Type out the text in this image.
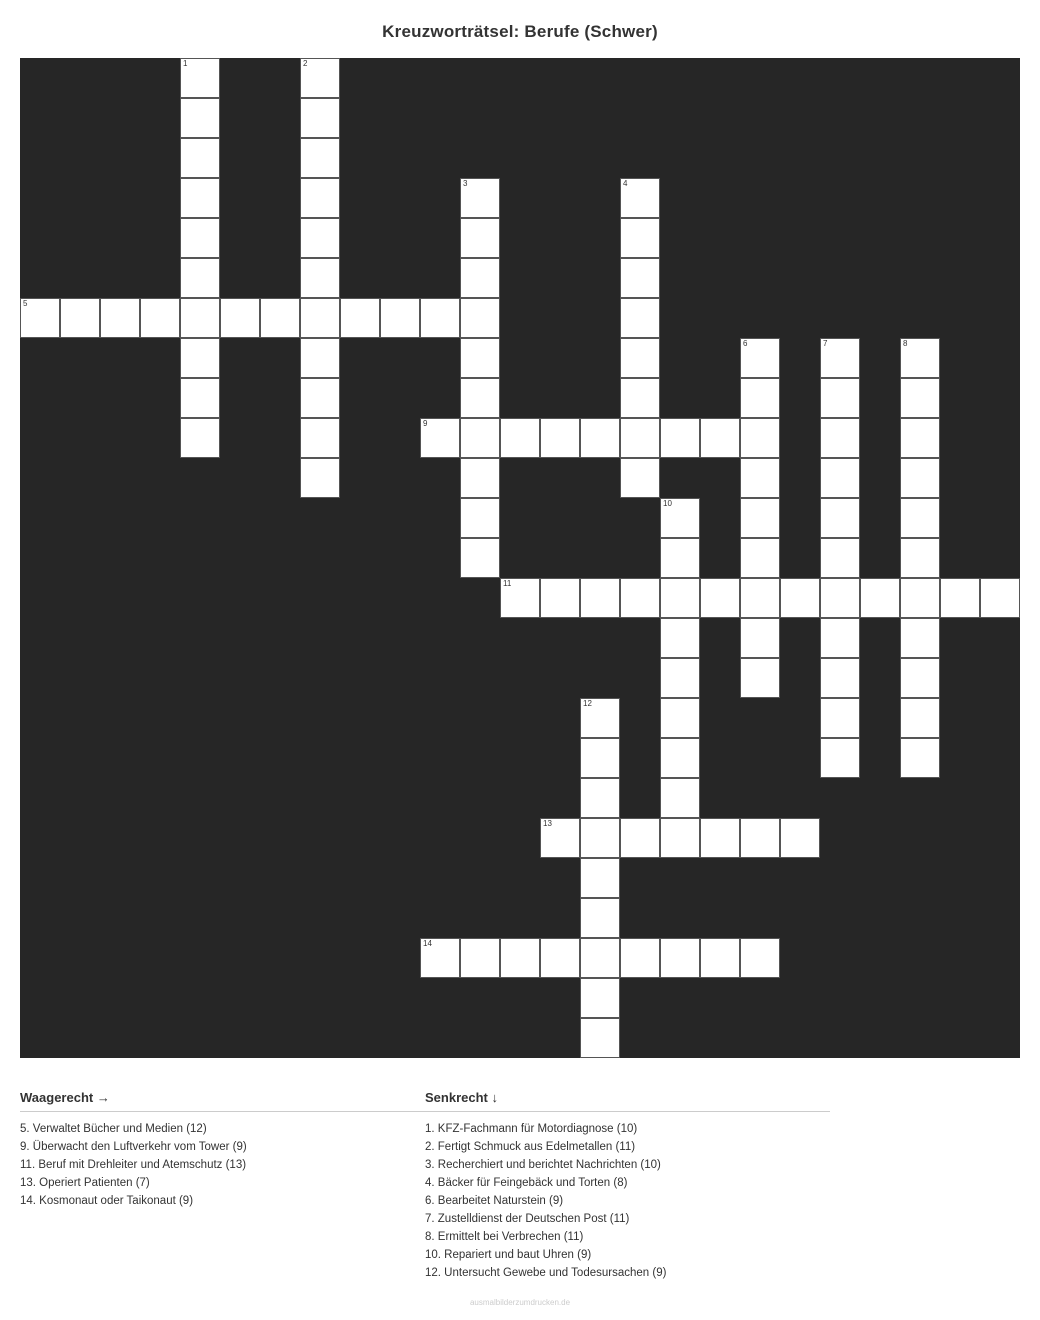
Kreuzworträtsel: Berufe (Schwer)
1	2
3	4
5
6	7	8
9
10
11
12
13
14
Waagerecht →
5. Verwaltet Bücher und Medien (12)
9. Überwacht den Luftverkehr vom Tower (9)
11. Beruf mit Drehleiter und Atemschutz (13)
13. Operiert Patienten (7)
14. Kosmonaut oder Taikonaut (9)
Senkrecht ↓
1. KFZ-Fachmann für Motordiagnose (10)
2. Fertigt Schmuck aus Edelmetallen (11)
3. Recherchiert und berichtet Nachrichten (10)
4. Bäcker für Feingebäck und Torten (8)
6. Bearbeitet Naturstein (9)
7. Zustelldienst der Deutschen Post (11)
8. Ermittelt bei Verbrechen (11)
10. Repariert und baut Uhren (9)
12. Untersucht Gewebe und Todesursachen (9)
ausmalbilderzumdrucken.de
